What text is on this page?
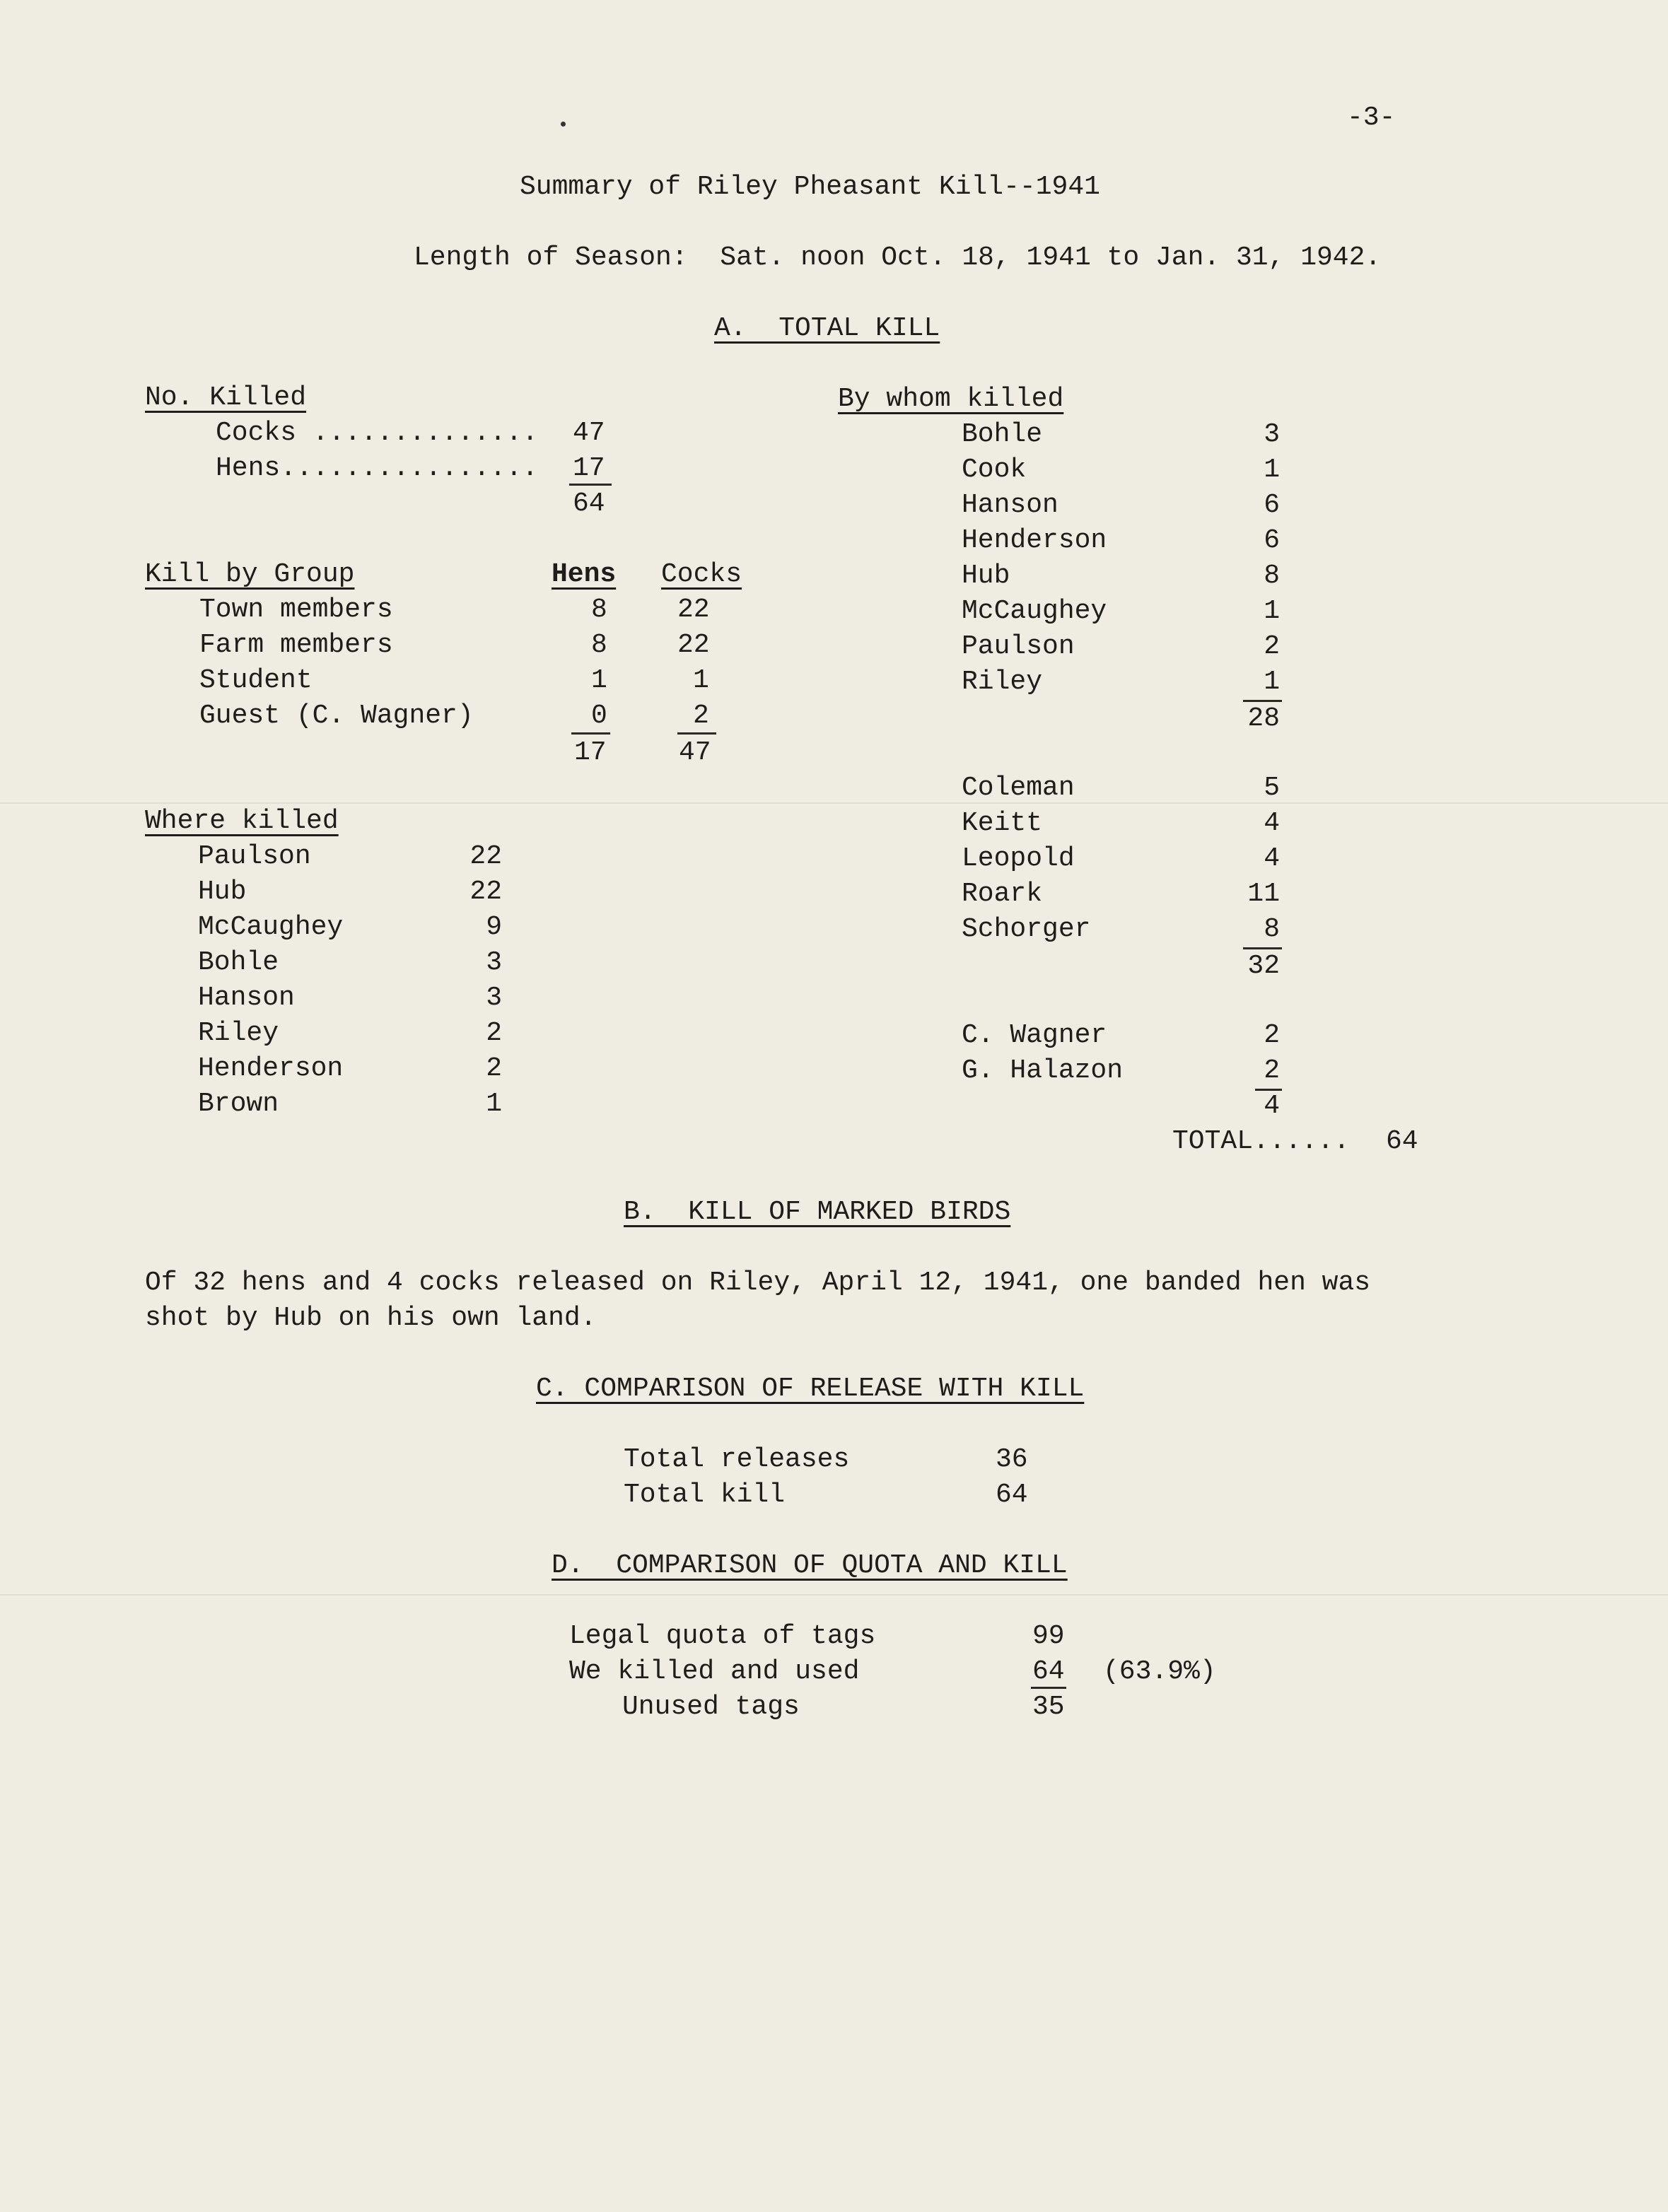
-3-
Summary of Riley Pheasant Kill--1941
Length of Season:  Sat. noon Oct. 18, 1941 to Jan. 31, 1942.
A.  TOTAL KILL
No. Killed
Cocks .............. 47
Hens................ 17
64
Kill by Group	Hens Cocks
Town members	8	22
Farm members	8	22
Student	1	1
Guest (C. Wagner)	0	2
17	47
Where killed
Paulson	22
Hub	22
McCaughey	9
Bohle	3
Hanson	3
Riley	2
Henderson	2
Brown	1
By whom killed
Bohle	3
Cook	1
Hanson	6
Henderson	6
Hub	8
McCaughey	1
Paulson	2
Riley	1
28
Coleman	5
Keitt	4
Leopold	4
Roark	11
Schorger	8
32
C. Wagner	2
G. Halazon	2
4
TOTAL...... 64
B.  KILL OF MARKED BIRDS
Of 32 hens and 4 cocks released on Riley, April 12, 1941, one banded hen was
shot by Hub on his own land.
C. COMPARISON OF RELEASE WITH KILL
Total releases	36
Total kill	64
D.  COMPARISON OF QUOTA AND KILL
Legal quota of tags	99
We killed and used	64 (63.9%)
Unused tags	35
